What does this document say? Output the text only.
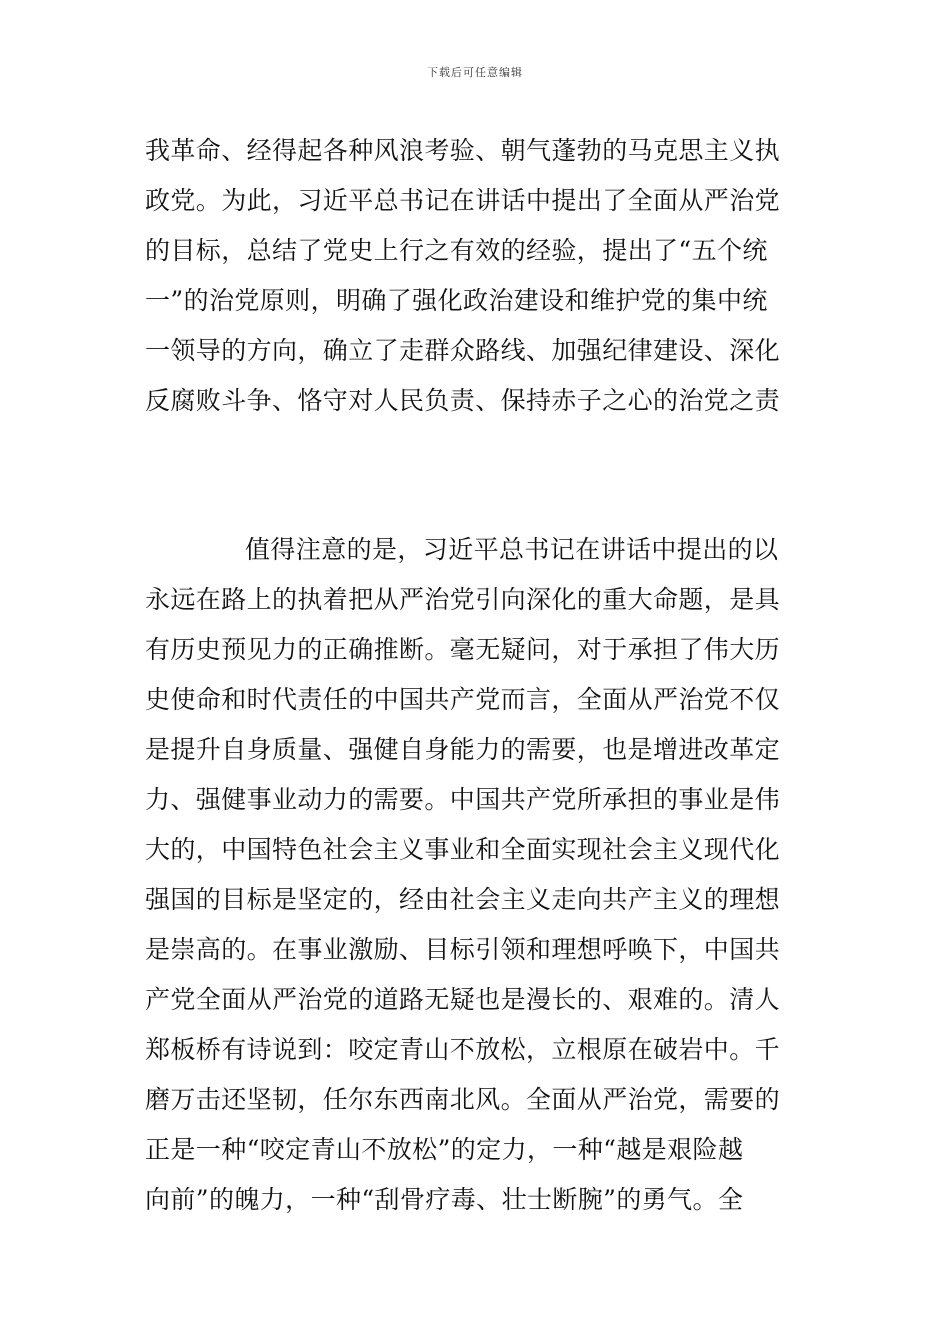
下载后可任意编辑
我革命、经得起各种风浪考验、朝气蓬勃的马克思主义执
政党。为此，习近平总书记在讲话中提出了全面从严治党
的目标，总结了党史上行之有效的经验，提出了“五个统
一”的治党原则，明确了强化政治建设和维护党的集中统
一领导的方向，确立了走群众路线、加强纪律建设、深化
反腐败斗争、恪守对人民负责、保持赤子之心的治党之责
值得注意的是，习近平总书记在讲话中提出的以
永远在路上的执着把从严治党引向深化的重大命题，是具
有历史预见力的正确推断。毫无疑问，对于承担了伟大历
史使命和时代责任的中国共产党而言，全面从严治党不仅
是提升自身质量、强健自身能力的需要，也是增进改革定
力、强健事业动力的需要。中国共产党所承担的事业是伟
大的，中国特色社会主义事业和全面实现社会主义现代化
强国的目标是坚定的，经由社会主义走向共产主义的理想
是崇高的。在事业激励、目标引领和理想呼唤下，中国共
产党全面从严治党的道路无疑也是漫长的、艰难的。清人
郑板桥有诗说到：咬定青山不放松，立根原在破岩中。千
磨万击还坚韧，任尔东西南北风。全面从严治党，需要的
正是一种“咬定青山不放松”的定力，一种“越是艰险越
向前”的魄力，一种“刮骨疗毒、壮士断腕”的勇气。全
